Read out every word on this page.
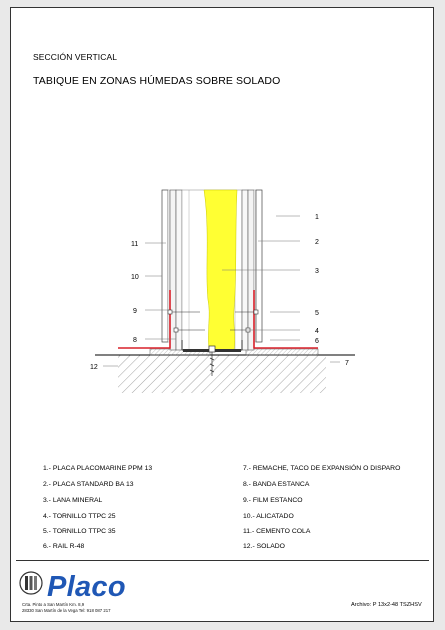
SECCIÓN VERTICAL
TABIQUE EN ZONAS HÚMEDAS SOBRE SOLADO
1
2
3
5
4
6
7
11
10
9
8
12
1.- PLACA PLACOMARINE PPM 13
2.- PLACA STANDARD BA 13
3.- LANA MINERAL
4.- TORNILLO TTPC 25
5.- TORNILLO TTPC 35
6.- RAIL R-48
7.- REMACHE, TACO DE EXPANSIÓN O DISPARO
8.- BANDA ESTANCA
9.- FILM ESTANCO
10.- ALICATADO
11.- CEMENTO COLA
12.- SOLADO
Placo
Crta. Pinto a San Martín Km. 8,9
28330 San Martín de la Vega Tel: 918 087 217
Archivo: P 13x2-48 TSZHSV
